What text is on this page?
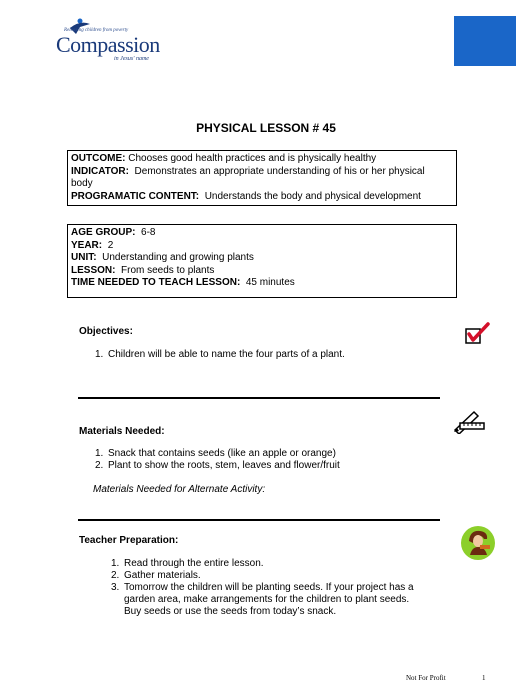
Releasing children from poverty
Compassion
in Jesus' name
PHYSICAL LESSON # 45
OUTCOME: Chooses good health practices and is physically healthy
INDICATOR: Demonstrates an appropriate understanding of his or her physical
body
PROGRAMATIC CONTENT: Understands the body and physical development
AGE GROUP: 6-8
YEAR: 2
UNIT: Understanding and growing plants
LESSON: From seeds to plants
TIME NEEDED TO TEACH LESSON: 45 minutes
Objectives:
1. Children will be able to name the four parts of a plant.
Materials Needed:
1. Snack that contains seeds (like an apple or orange)
2. Plant to show the roots, stem, leaves and flower/fruit
Materials Needed for Alternate Activity:
Teacher Preparation:
1. Read through the entire lesson.
2. Gather materials.
3. Tomorrow the children will be planting seeds. If your project has a
garden area, make arrangements for the children to plant seeds.
Buy seeds or use the seeds from today’s snack.
Not For Profit	1
